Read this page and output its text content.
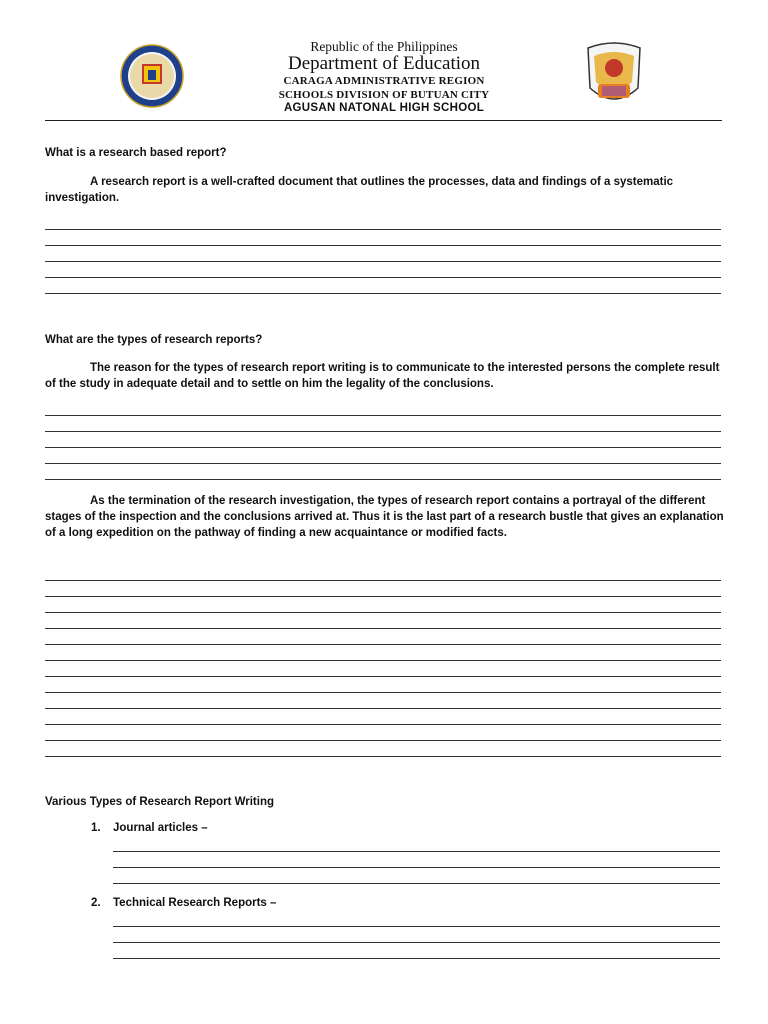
Republic of the Philippines
Department of Education
CARAGA ADMINISTRATIVE REGION
SCHOOLS DIVISION OF BUTUAN CITY
AGUSAN NATONAL HIGH SCHOOL
What is a research based report?
A research report is a well-crafted document that outlines the processes, data and findings of a systematic investigation.
What are the types of research reports?
The reason for the types of research report writing is to communicate to the interested persons the complete result of the study in adequate detail and to settle on him the legality of the conclusions.
As the termination of the research investigation, the types of research report contains a portrayal of the different stages of the inspection and the conclusions arrived at. Thus it is the last part of a research bustle that gives an explanation of a long expedition on the pathway of finding a new acquaintance or modified facts.
Various Types of Research Report Writing
1. Journal articles –
2. Technical Research Reports –
